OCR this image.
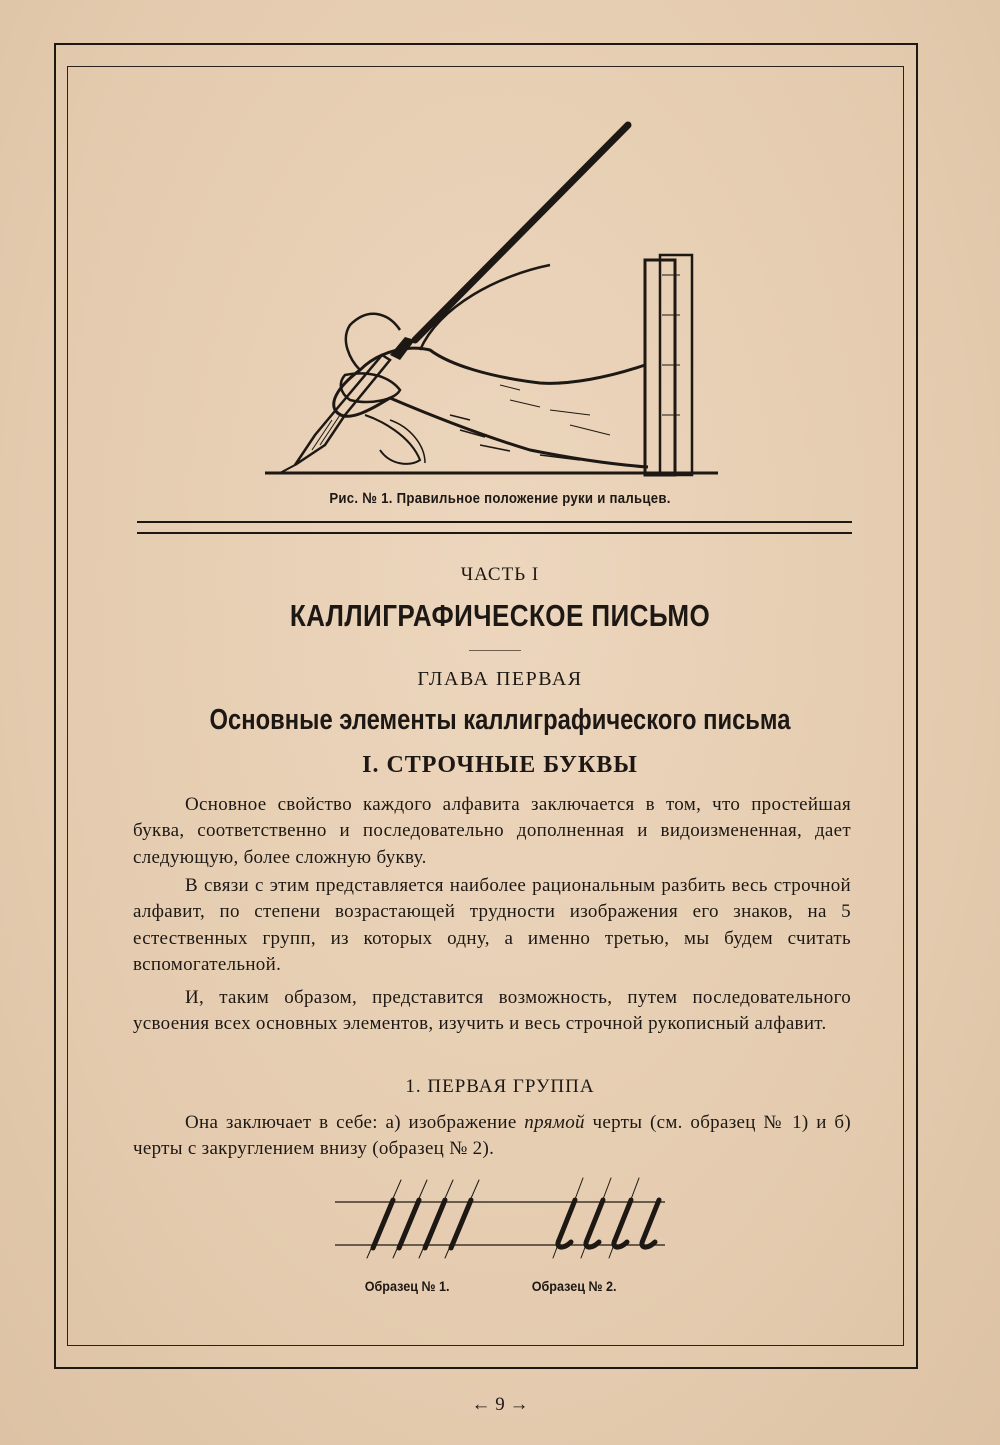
Рис. № 1. Правильное положение руки и пальцев.
ЧАСТЬ I
КАЛЛИГРАФИЧЕСКОЕ ПИСЬМО
ГЛАВА ПЕРВАЯ
Основные элементы каллиграфического письма
I. СТРОЧНЫЕ БУКВЫ

Основное свойство каждого алфавита заключается в том, что простейшая буква, соответственно и последовательно дополненная и видоизмененная, дает следующую, более сложную букву.

В связи с этим представляется наиболее рациональным разбить весь строчной алфавит, по степени возрастающей трудности изображения его знаков, на 5 естественных групп, из которых одну, а именно третью, мы будем считать вспомогательной.

И, таким образом, представится возможность, путем последовательного усвоения всех основных элементов, изучить и весь строчной рукописный алфавит.

1. ПЕРВАЯ ГРУППА

Она заключает в себе: а) изображение прямой черты (см. образец № 1) и б) черты с закруглением внизу (образец № 2).

Образец № 1.	Образец № 2.
← 9 →
